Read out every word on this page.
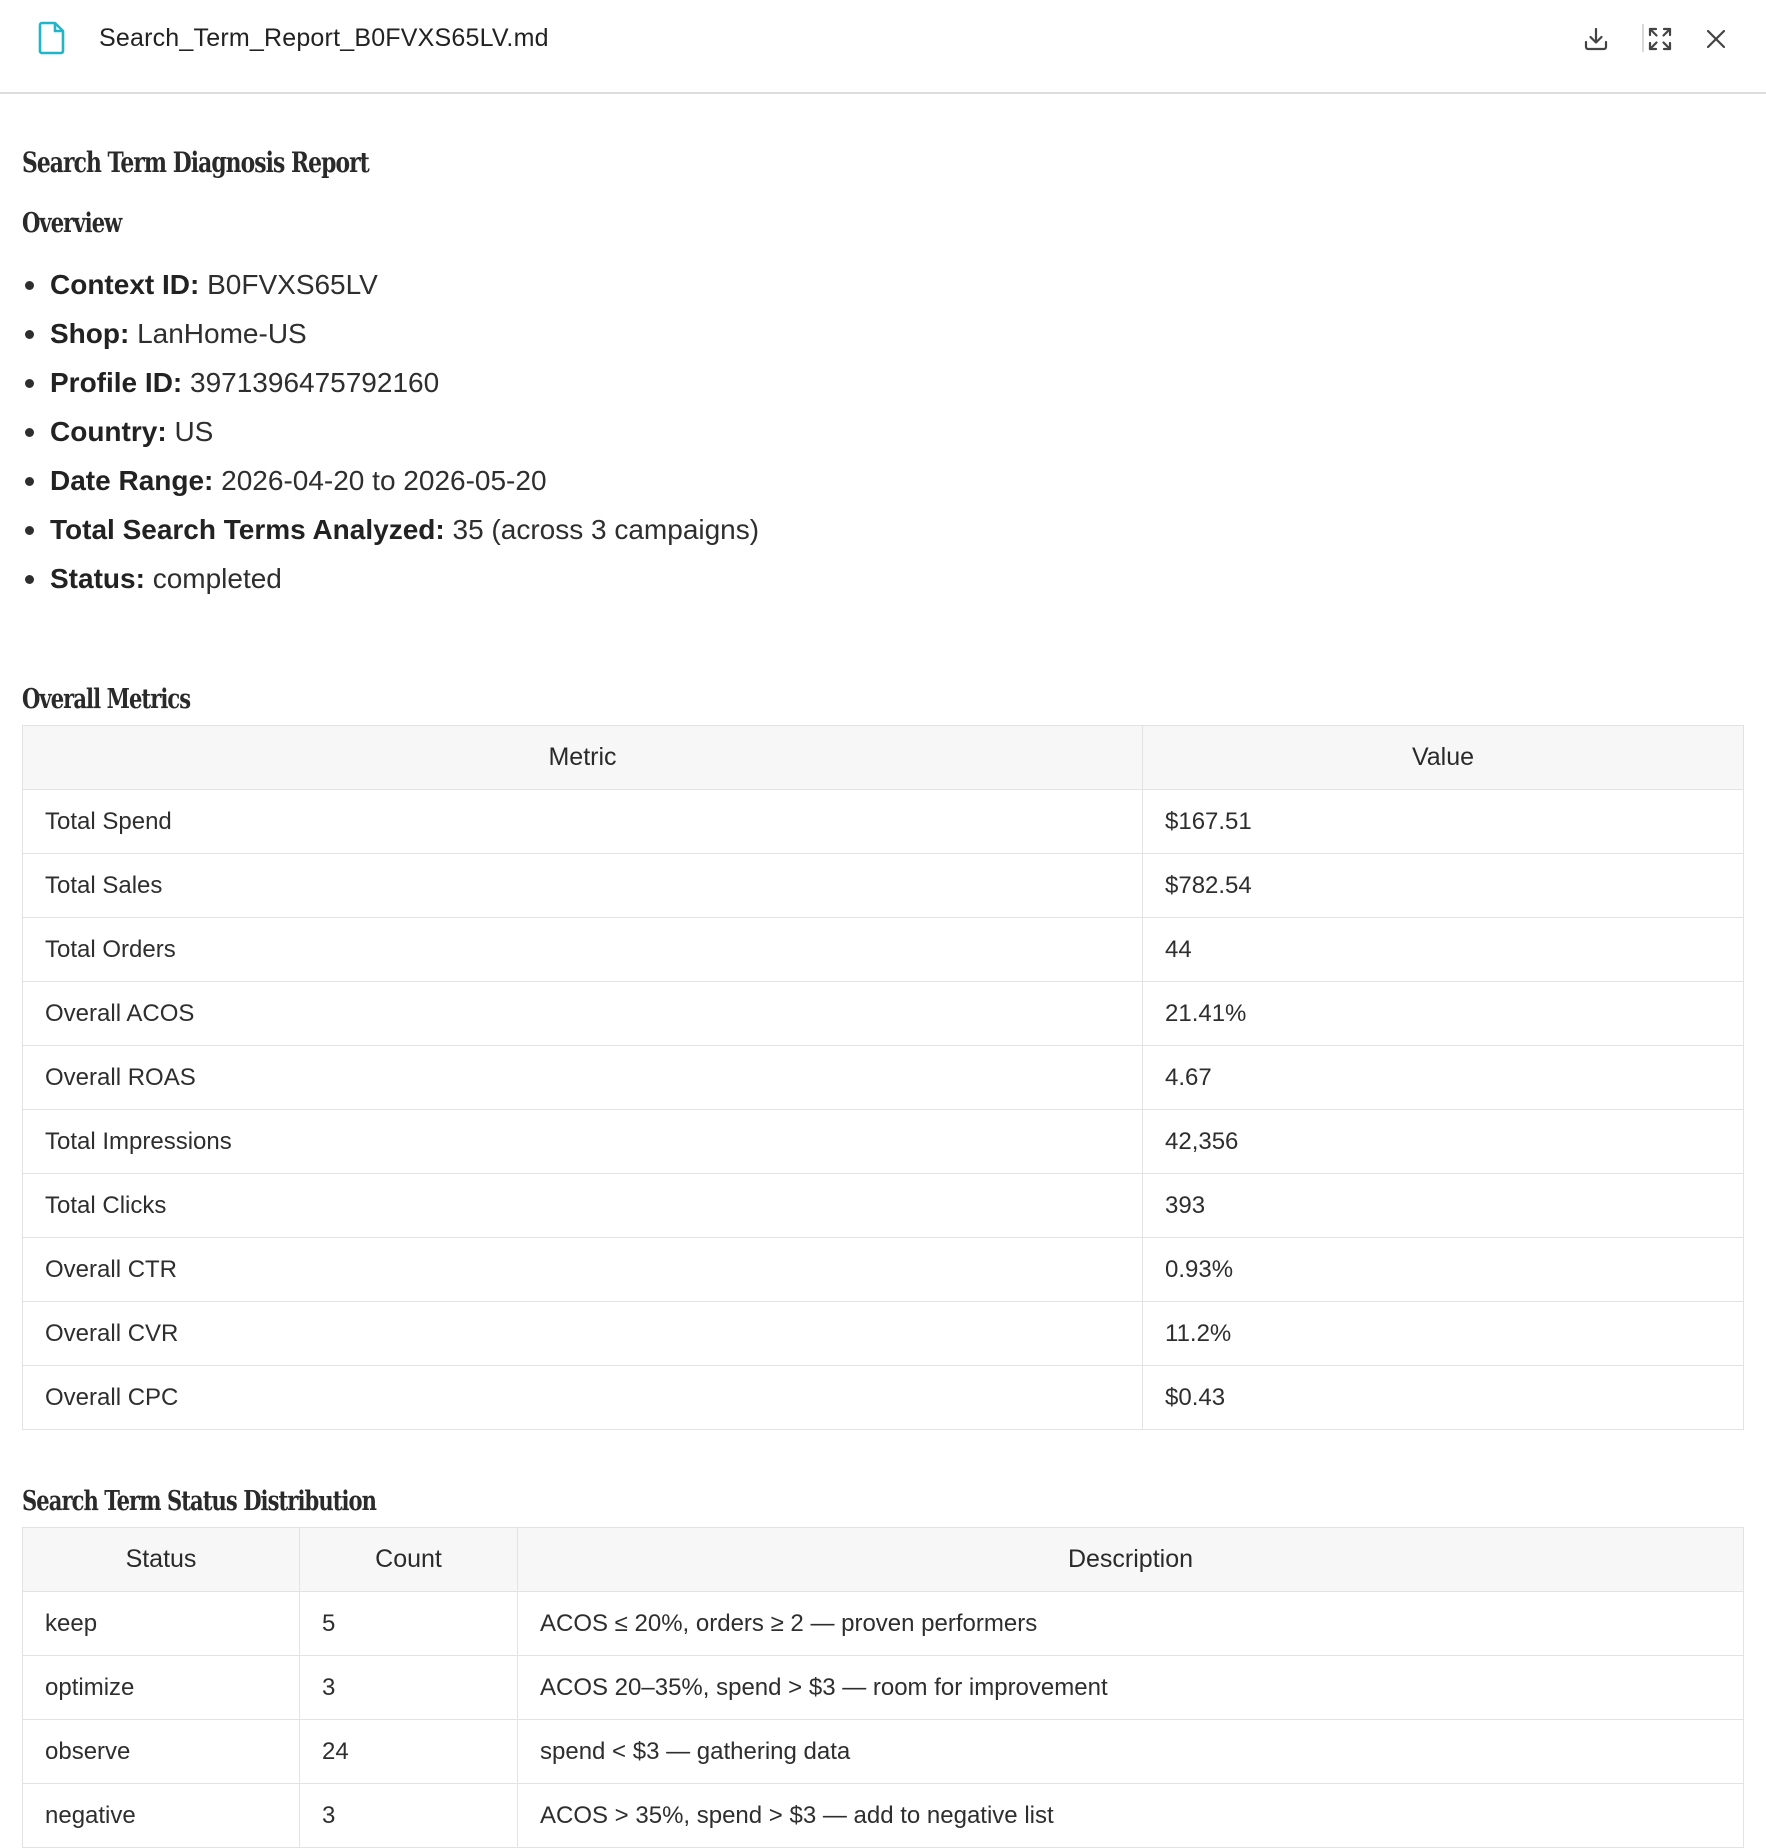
Search_Term_Report_B0FVXS65LV.md
Search Term Diagnosis Report
Overview
Context ID: B0FVXS65LV
Shop: LanHome-US
Profile ID: 3971396475792160
Country: US
Date Range: 2026-04-20 to 2026-05-20
Total Search Terms Analyzed: 35 (across 3 campaigns)
Status: completed
Overall Metrics
Metric	Value
Total Spend	$167.51
Total Sales	$782.54
Total Orders	44
Overall ACOS	21.41%
Overall ROAS	4.67
Total Impressions	42,356
Total Clicks	393
Overall CTR	0.93%
Overall CVR	11.2%
Overall CPC	$0.43
Search Term Status Distribution
Status	Count	Description
keep	5	ACOS ≤ 20%, orders ≥ 2 — proven performers
optimize	3	ACOS 20–35%, spend > $3 — room for improvement
observe	24	spend < $3 — gathering data
negative	3	ACOS > 35%, spend > $3 — add to negative list
